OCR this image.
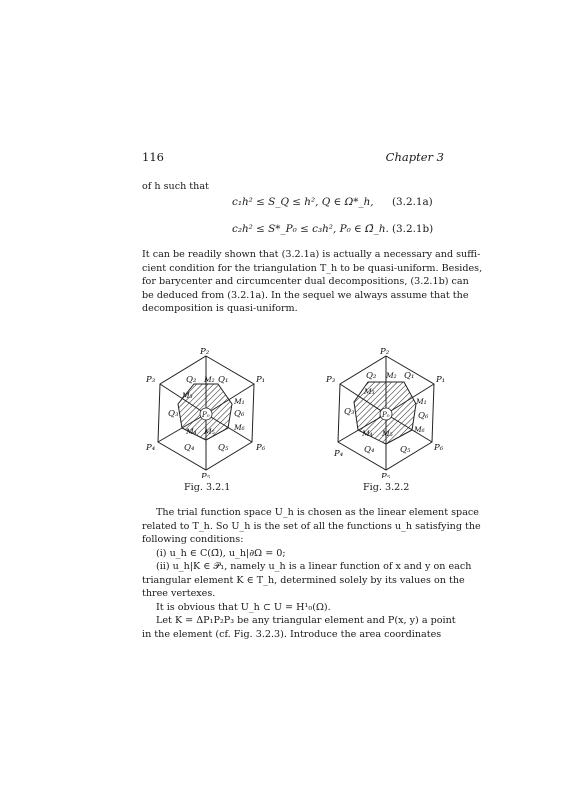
116	Chapter 3
of h such that
c₁h² ≤ S_Q ≤ h², Q ∈ Ω*_h, (3.2.1a)
c₂h² ≤ S*_P₀ ≤ c₃h², P₀ ∈ Ω̄_h. (3.2.1b)
It can be readily shown that (3.2.1a) is actually a necessary and suffi-
cient condition for the triangulation T_h to be quasi-uniform. Besides,
for barycenter and circumcenter dual decompositions, (3.2.1b) can
be deduced from (3.2.1a). In the sequel we always assume that the
decomposition is quasi-uniform.
P₂
P₁
P₃
P₄	P₆
P₅
P₀
Q₂	Q₁
Q₃	Q₆
Q₄	Q₅
M₂
M₃
M₁
M₆
M₄ M₅
Fig. 3.2.1
P₂
P₁
P₃
P₄
P₆
P₅
P₀
Q₂	Q₁
Q₃	Q₆
Q₄	Q₅
M₂
M₃
M₁
M₆
M₄ M₅
Fig. 3.2.2
The trial function space U_h is chosen as the linear element space
related to T_h. So U_h is the set of all the functions u_h satisfying the
following conditions:
(i) u_h ∈ C(Ω̄), u_h|∂Ω = 0;
(ii) u_h|K ∈ 𝒫₁, namely u_h is a linear function of x and y on each
triangular element K ∈ T_h, determined solely by its values on the
three vertexes.
It is obvious that U_h ⊂ U = H¹₀(Ω).
Let K = ΔP₁P₂P₃ be any triangular element and P(x, y) a point
in the element (cf. Fig. 3.2.3). Introduce the area coordinates
